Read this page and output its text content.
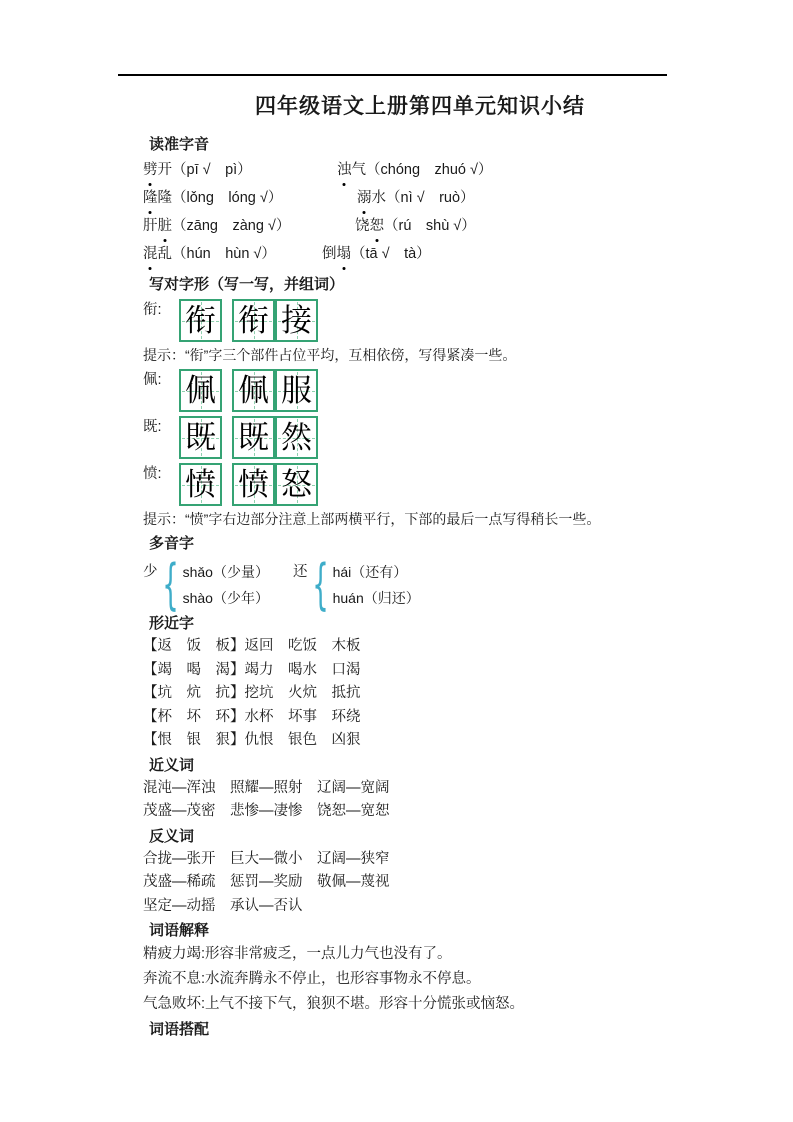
四年级语文上册第四单元知识小结
读准字音
劈开（pī √　pì）	浊气（chóng　zhuó √）
隆隆（lǒng　lóng √）	溺水（nì √　ruò）
肝脏（zāng　zàng √）	饶恕（rú　shù √）
混乱（hún　hùn √）	倒塌（tā √　tà）
写对字形（写一写，并组词）
衔: 衔 衔 接

提示：“衔”字三个部件占位平均，互相依傍，写得紧凑一些。

佩: 佩 佩 服
既: 既 既 然
愤: 愤 愤 怒

提示：“愤”字右边部分注意上部两横平行，下部的最后一点写得稍长一些。

多音字
少 { shǎo（少量）

shào（少年）

还 { hái（还有）

huán（归还）

形近字

【返　饭　板】返回　吃饭　木板

【竭　喝　渴】竭力　喝水　口渴

【坑　炕　抗】挖坑　火炕　抵抗

【杯　坏　环】水杯　坏事　环绕

【恨　银　狠】仇恨　银色　凶狠

近义词

混沌—浑浊　照耀—照射　辽阔—宽阔

茂盛—茂密　悲惨—凄惨　饶恕—宽恕

反义词

合拢—张开　巨大—微小　辽阔—狭窄

茂盛—稀疏　惩罚—奖励　敬佩—蔑视

坚定—动摇　承认—否认

词语解释

精疲力竭:形容非常疲乏，一点儿力气也没有了。

奔流不息:水流奔腾永不停止，也形容事物永不停息。

气急败坏:上气不接下气，狼狈不堪。形容十分慌张或恼怒。

词语搭配
